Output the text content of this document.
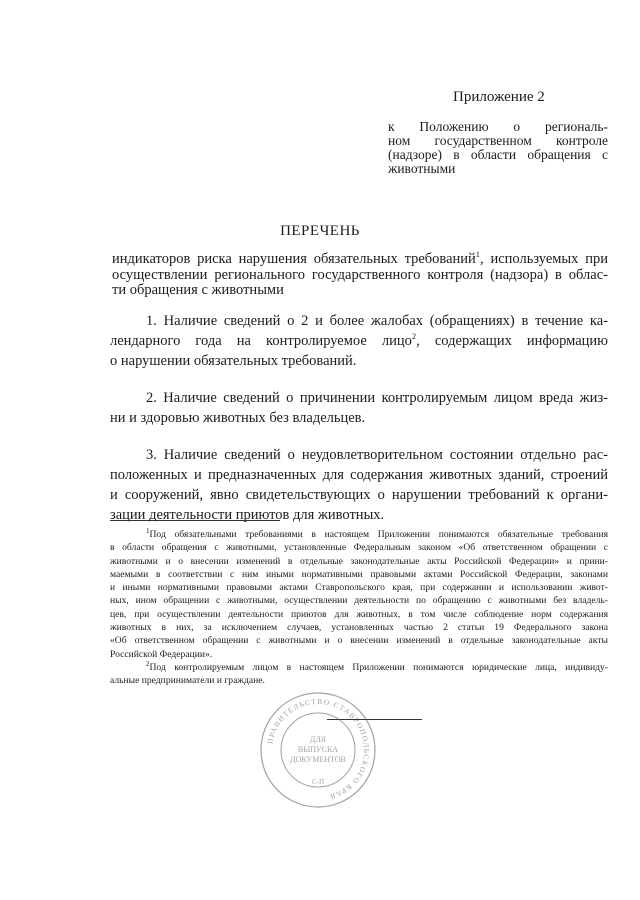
Приложение 2
к Положению о региональ-
ном государственном контроле
(надзоре) в области обращения с
животными
ПЕРЕЧЕНЬ
индикаторов риска нарушения обязательных требований$^1$, используемых при
осуществлении регионального государственного контроля (надзора) в облас-
ти обращения с животными
1. Наличие сведений о 2 и более жалобах (обращениях) в течение ка-
лендарного года на контролируемое лицо$^2$, содержащих информацию
о нарушении обязательных требований.
2. Наличие сведений о причинении контролируемым лицом вреда жиз-
ни и здоровью животных без владельцев.
3. Наличие сведений о неудовлетворительном состоянии отдельно рас-
положенных и предназначенных для содержания животных зданий, строений
и сооружений, явно свидетельствующих о нарушении требований к органи-
зации деятельности приютов для животных.
$^1$Под обязательными требованиями в настоящем Приложении понимаются обязательные требования
в области обращения с животными, установленные Федеральным законом «Об ответственном обращении с
животными и о внесении изменений в отдельные законодательные акты Российской Федерации» и прини-
маемыми в соответствии с ним иными нормативными правовыми актами Российской Федерации, законами
и иными нормативными правовыми актами Ставропольского края, при содержании и использовании живот-
ных, ином обращении с животными, осуществлении деятельности по обращению с животными без владель-
цев, при осуществлении деятельности приютов для животных, в том числе соблюдение норм содержания
животных в них, за исключением случаев, установленных частью 2 статьи 19 Федерального закона
«Об ответственном обращении с животными и о внесении изменений в отдельные законодательные акты
Российской Федерации».
$^2$Под контролируемым лицом в настоящем Приложении понимаются юридические лица, индивиду-
альные предприниматели и граждане.
ПРАВИТЕЛЬСТВО СТАВРОПОЛЬСКОГО КРАЯ
ДЛЯ
ВЫПУСКА
ДОКУМЕНТОВ
С-П
